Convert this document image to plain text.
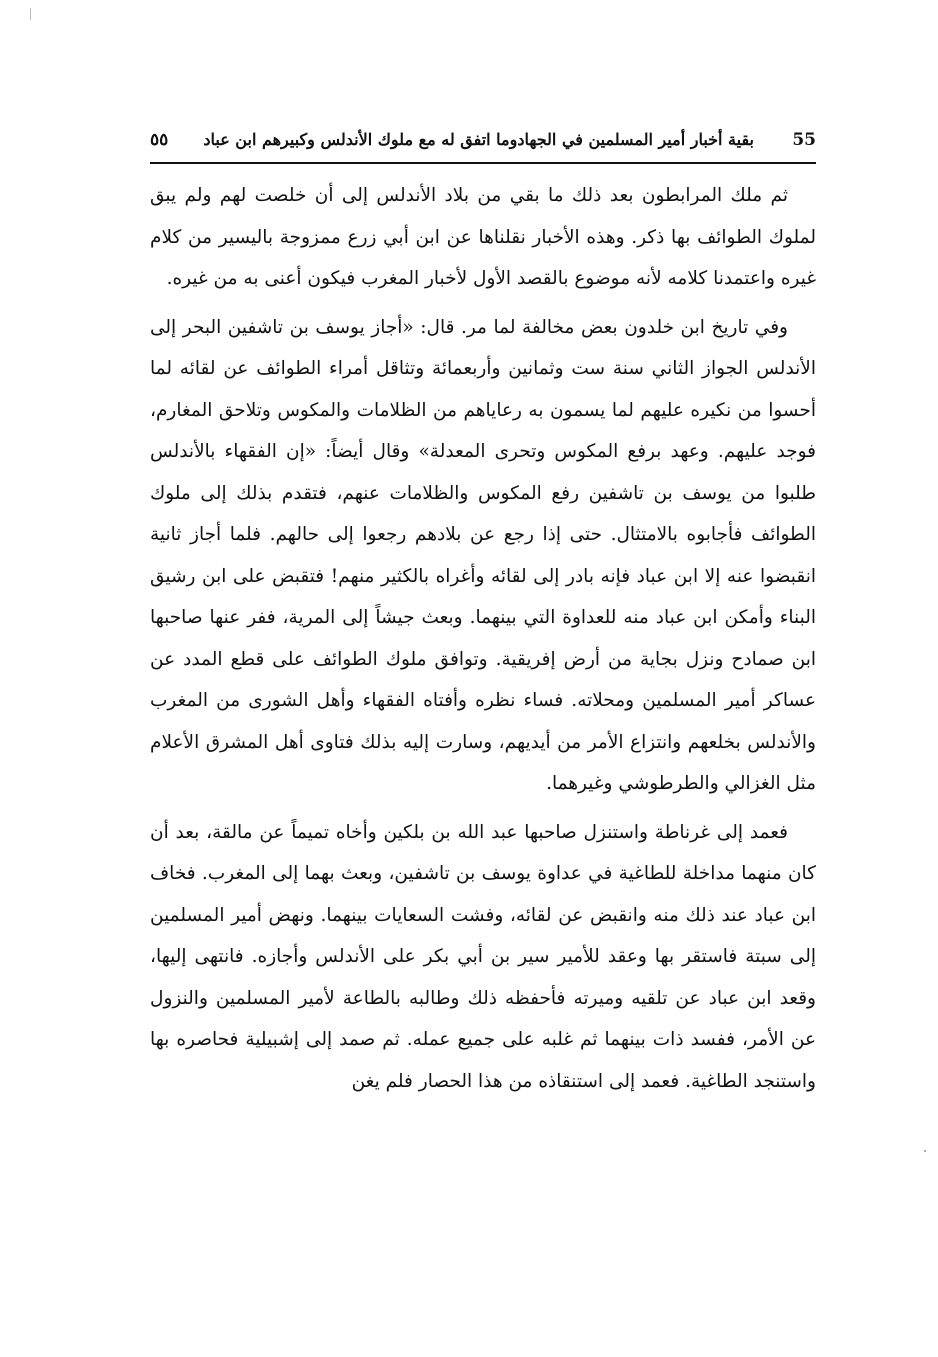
55
بقية أخبار أمير المسلمين في الجهادوما اتفق له مع ملوك الأندلس وكبيرهم ابن عباد
٥٥

ثم ملك المرابطون بعد ذلك ما بقي من بلاد الأندلس إلى أن خلصت لهم ولم يبق لملوك الطوائف بها ذكر. وهذه الأخبار نقلناها عن ابن أبي زرع ممزوجة باليسير من كلام غيره واعتمدنا كلامه لأنه موضوع بالقصد الأول لأخبار المغرب فيكون أعنى به من غيره.

وفي تاريخ ابن خلدون بعض مخالفة لما مر. قال: «أجاز يوسف بن تاشفين البحر إلى الأندلس الجواز الثاني سنة ست وثمانين وأربعمائة وتثاقل أمراء الطوائف عن لقائه لما أحسوا من نكيره عليهم لما يسمون به رعاياهم من الظلامات والمكوس وتلاحق المغارم، فوجد عليهم. وعهد برفع المكوس وتحرى المعدلة» وقال أيضاً: «إن الفقهاء بالأندلس طلبوا من يوسف بن تاشفين رفع المكوس والظلامات عنهم، فتقدم بذلك إلى ملوك الطوائف فأجابوه بالامتثال. حتى إذا رجع عن بلادهم رجعوا إلى حالهم. فلما أجاز ثانية انقبضوا عنه إلا ابن عباد فإنه بادر إلى لقائه وأغراه بالكثير منهم! فتقبض على ابن رشيق البناء وأمكن ابن عباد منه للعداوة التي بينهما. وبعث جيشاً إلى المرية، ففر عنها صاحبها ابن صمادح ونزل بجاية من أرض إفريقية. وتوافق ملوك الطوائف على قطع المدد عن عساكر أمير المسلمين ومحلاته. فساء نظره وأفتاه الفقهاء وأهل الشورى من المغرب والأندلس بخلعهم وانتزاع الأمر من أيديهم، وسارت إليه بذلك فتاوى أهل المشرق الأعلام مثل الغزالي والطرطوشي وغيرهما.

فعمد إلى غرناطة واستنزل صاحبها عبد الله بن بلكين وأخاه تميماً عن مالقة، بعد أن كان منهما مداخلة للطاغية في عداوة يوسف بن تاشفين، وبعث بهما إلى المغرب. فخاف ابن عباد عند ذلك منه وانقبض عن لقائه، وفشت السعايات بينهما. ونهض أمير المسلمين إلى سبتة فاستقر بها وعقد للأمير سير بن أبي بكر على الأندلس وأجازه. فانتهى إليها، وقعد ابن عباد عن تلقيه وميرته فأحفظه ذلك وطالبه بالطاعة لأمير المسلمين والنزول عن الأمر، ففسد ذات بينهما ثم غلبه على جميع عمله. ثم صمد إلى إشبيلية فحاصره بها واستنجد الطاغية. فعمد إلى استنقاذه من هذا الحصار فلم يغن
